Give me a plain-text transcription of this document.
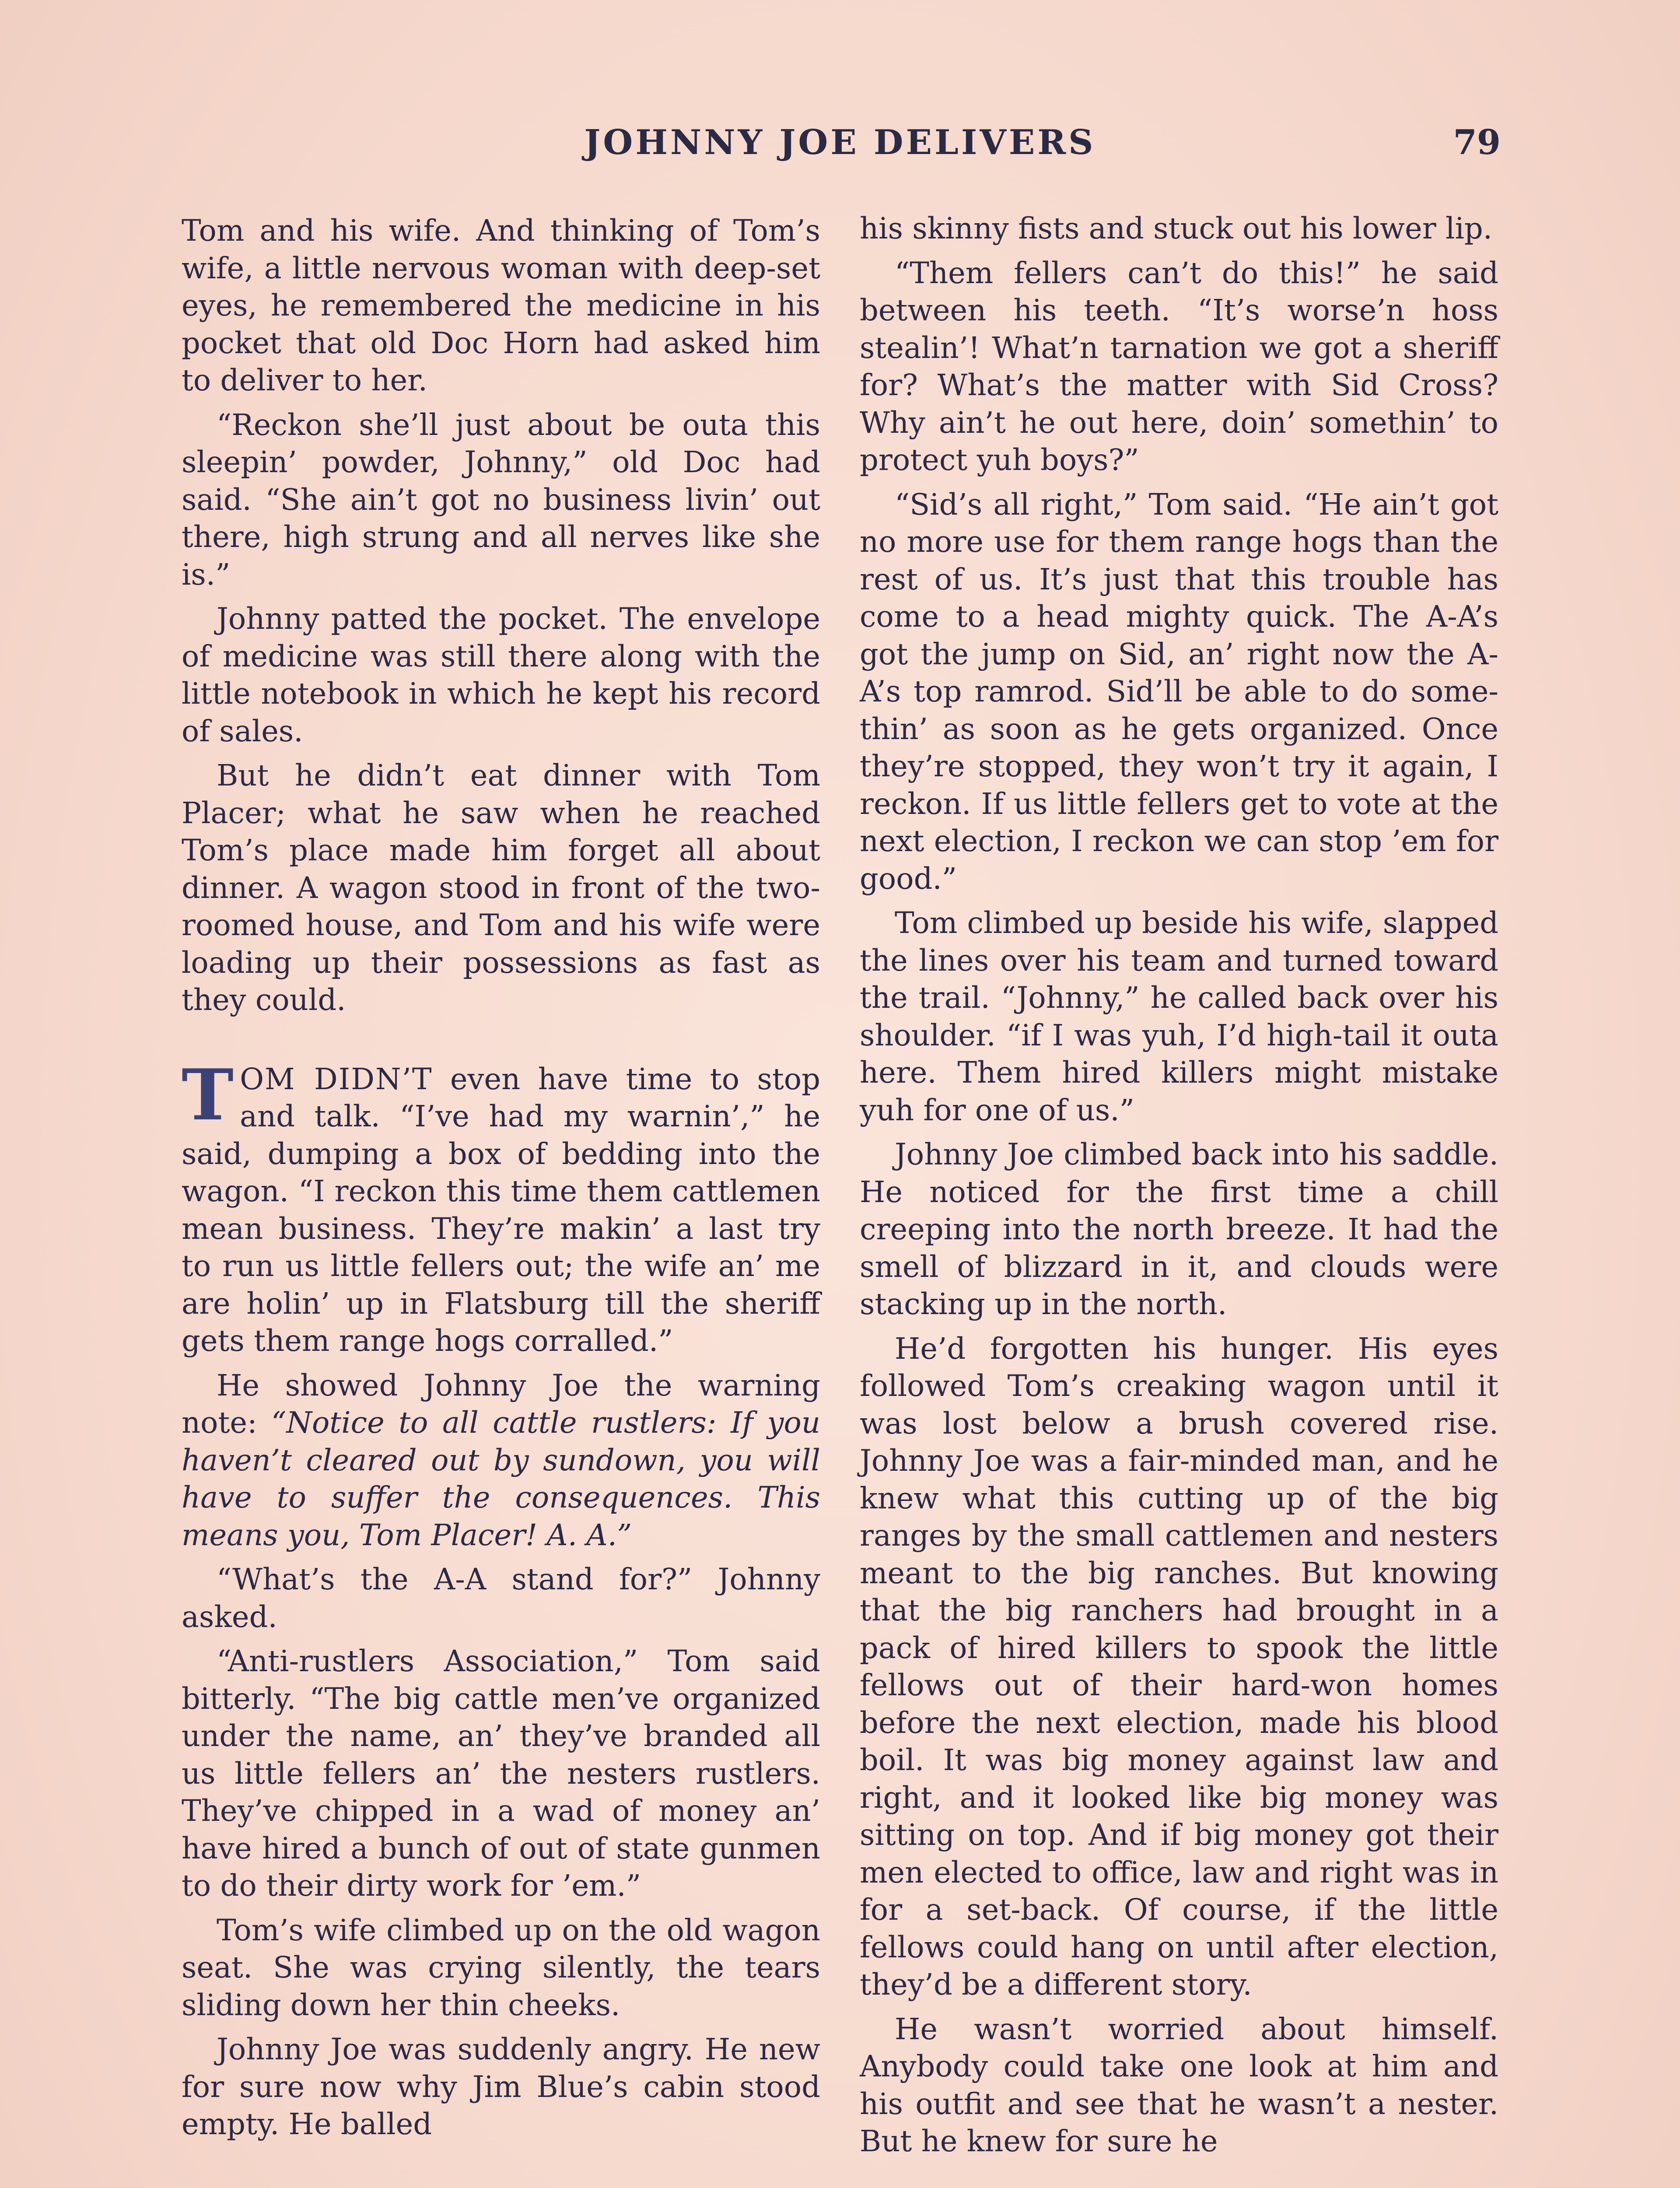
JOHNNY JOE DELIVERS	79

Tom and his wife. And thinking of Tom’s wife, a little nervous woman with deep-set eyes, he remembered the medicine in his pocket that old Doc Horn had asked him to deliver to her.

“Reckon she’ll just about be outa this sleepin’ powder, Johnny,” old Doc had said. “She ain’t got no business livin’ out there, high strung and all nerves like she is.”

Johnny patted the pocket. The envelope of medicine was still there along with the little notebook in which he kept his record of sales.

But he didn’t eat dinner with Tom Placer; what he saw when he reached Tom’s place made him forget all about dinner. A wagon stood in front of the two-roomed house, and Tom and his wife were loading up their possessions as fast as they could.

TOM DIDN’T even have time to stop and talk. “I’ve had my warnin’,” he said, dumping a box of bedding into the wagon. “I reckon this time them cattlemen mean business. They’re makin’ a last try to run us little fellers out; the wife an’ me are holin’ up in Flatsburg till the sheriff gets them range hogs corralled.”

He showed Johnny Joe the warning note: “Notice to all cattle rustlers: If you haven’t cleared out by sundown, you will have to suffer the consequences. This means you, Tom Placer! A. A.”

“What’s the A-A stand for?” Johnny asked.

“Anti-rustlers Association,” Tom said bitterly. “The big cattle men’ve organized under the name, an’ they’ve branded all us little fellers an’ the nesters rustlers. They’ve chipped in a wad of money an’ have hired a bunch of out of state gunmen to do their dirty work for ’em.”

Tom’s wife climbed up on the old wagon seat. She was crying silently, the tears sliding down her thin cheeks.

Johnny Joe was suddenly angry. He new for sure now why Jim Blue’s cabin stood empty. He balled

his skinny fists and stuck out his lower lip.

“Them fellers can’t do this!” he said between his teeth. “It’s worse’n hoss stealin’! What’n tarnation we got a sheriff for? What’s the matter with Sid Cross? Why ain’t he out here, doin’ somethin’ to protect yuh boys?”

“Sid’s all right,” Tom said. “He ain’t got no more use for them range hogs than the rest of us. It’s just that this trouble has come to a head mighty quick. The A-A’s got the jump on Sid, an’ right now the A-A’s top ramrod. Sid’ll be able to do somethin’ as soon as he gets organized. Once they’re stopped, they won’t try it again, I reckon. If us little fellers get to vote at the next election, I reckon we can stop ’em for good.”

Tom climbed up beside his wife, slapped the lines over his team and turned toward the trail. “Johnny,” he called back over his shoulder. “if I was yuh, I’d high-tail it outa here. Them hired killers might mistake yuh for one of us.”

Johnny Joe climbed back into his saddle. He noticed for the first time a chill creeping into the north breeze. It had the smell of blizzard in it, and clouds were stacking up in the north.

He’d forgotten his hunger. His eyes followed Tom’s creaking wagon until it was lost below a brush covered rise. Johnny Joe was a fair-minded man, and he knew what this cutting up of the big ranges by the small cattlemen and nesters meant to the big ranches. But knowing that the big ranchers had brought in a pack of hired killers to spook the little fellows out of their hard-won homes before the next election, made his blood boil. It was big money against law and right, and it looked like big money was sitting on top. And if big money got their men elected to office, law and right was in for a set-back. Of course, if the little fellows could hang on until after election, they’d be a different story.

He wasn’t worried about himself. Anybody could take one look at him and his outfit and see that he wasn’t a nester. But he knew for sure he
